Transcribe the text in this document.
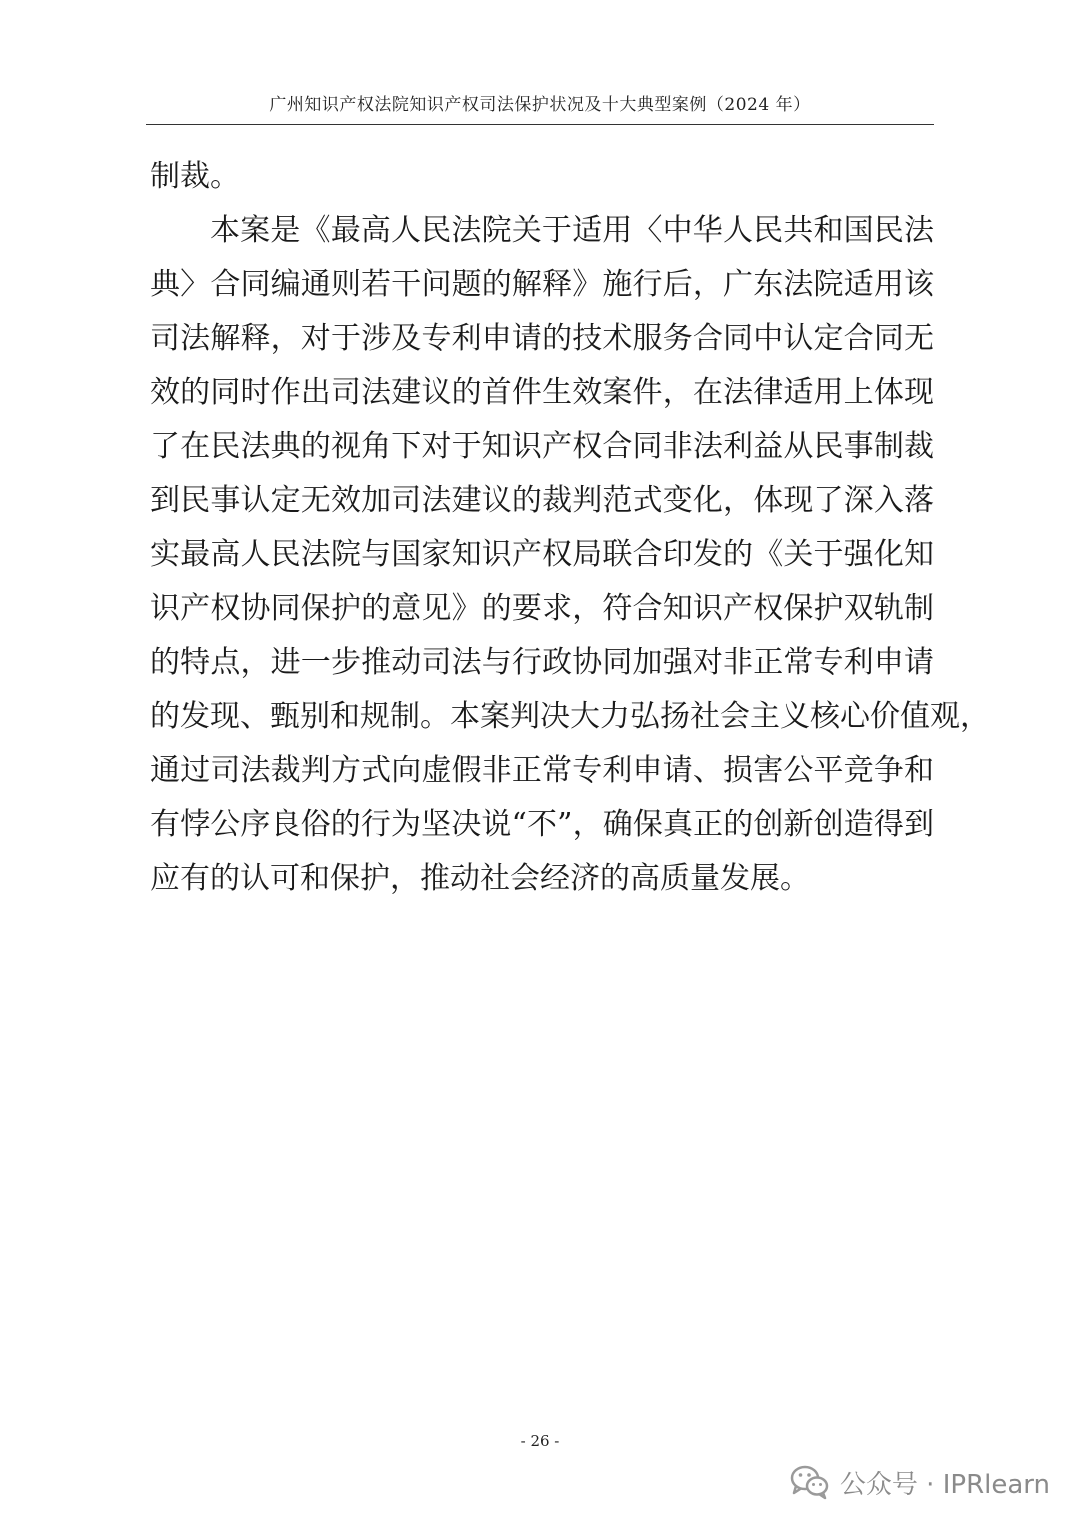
广州知识产权法院知识产权司法保护状况及十大典型案例（2024 年）
制裁。
本案是《最高人民法院关于适用〈中华人民共和国民法
典〉合同编通则若干问题的解释》施行后，广东法院适用该
司法解释，对于涉及专利申请的技术服务合同中认定合同无
效的同时作出司法建议的首件生效案件，在法律适用上体现
了在民法典的视角下对于知识产权合同非法利益从民事制裁
到民事认定无效加司法建议的裁判范式变化，体现了深入落
实最高人民法院与国家知识产权局联合印发的《关于强化知
识产权协同保护的意见》的要求，符合知识产权保护双轨制
的特点，进一步推动司法与行政协同加强对非正常专利申请
的发现、甄别和规制。本案判决大力弘扬社会主义核心价值观，
通过司法裁判方式向虚假非正常专利申请、损害公平竞争和
有悖公序良俗的行为坚决说“不”，确保真正的创新创造得到
应有的认可和保护，推动社会经济的高质量发展。
- 26 -
公众号 · IPRlearn
